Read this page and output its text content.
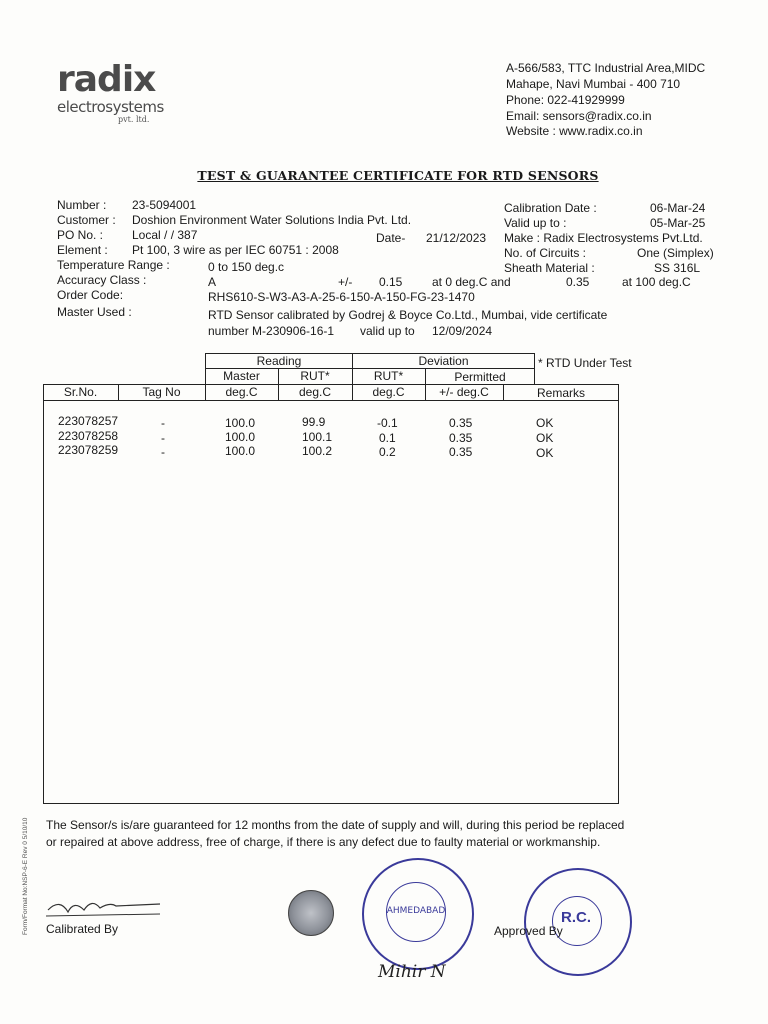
radix
electrosystems
pvt. ltd.
A-566/583, TTC Industrial Area,MIDC
Mahape, Navi Mumbai - 400 710
Phone: 022-41929999
Email: sensors@radix.co.in
Website : www.radix.co.in
TEST & GUARANTEE CERTIFICATE FOR RTD SENSORS
Number : 23-5094001
Customer : Doshion Environment Water Solutions India Pvt. Ltd.
PO No. : Local / / 387	Date- 21/12/2023
Element : Pt 100, 3 wire as per IEC 60751 : 2008
Temperature Range :	0 to 150 deg.c
Accuracy Class :	A	+/- 0.15 at 0 deg.C and	0.35	at 100 deg.C
Order Code:	RHS610-S-W3-A3-A-25-6-150-A-150-FG-23-1470
Master Used :	RTD Sensor calibrated by Godrej & Boyce Co.Ltd., Mumbai, vide certificate
number M-230906-16-1 valid up to 12/09/2024
Calibration Date :	06-Mar-24
Valid up to :	05-Mar-25
Make : Radix Electrosystems Pvt.Ltd.
No. of Circuits :	One (Simplex)
Sheath Material :	SS 316L
Reading	Deviation	* RTD Under Test
Master	RUT*	RUT*	Permitted
Sr.No.	Tag No	deg.C	deg.C	deg.C	+/- deg.C	Remarks
223078257	-	100.0	99.9	-0.1	0.35	OK
223078258	-	100.0	100.1	0.1	0.35	OK
223078259	-	100.0	100.2	0.2	0.35	OK
Form/Format No:NSP-6-E Rev 0 5/10/10 The Sensor/s is/are guaranteed for 12 months from the date of supply and will, during this period be replaced or repaired at above address, free of charge, if there is any defect due to faulty material or workmanship.
Calibrated By
AHMEDABAD
Mihir N
R.C.
Approved By
